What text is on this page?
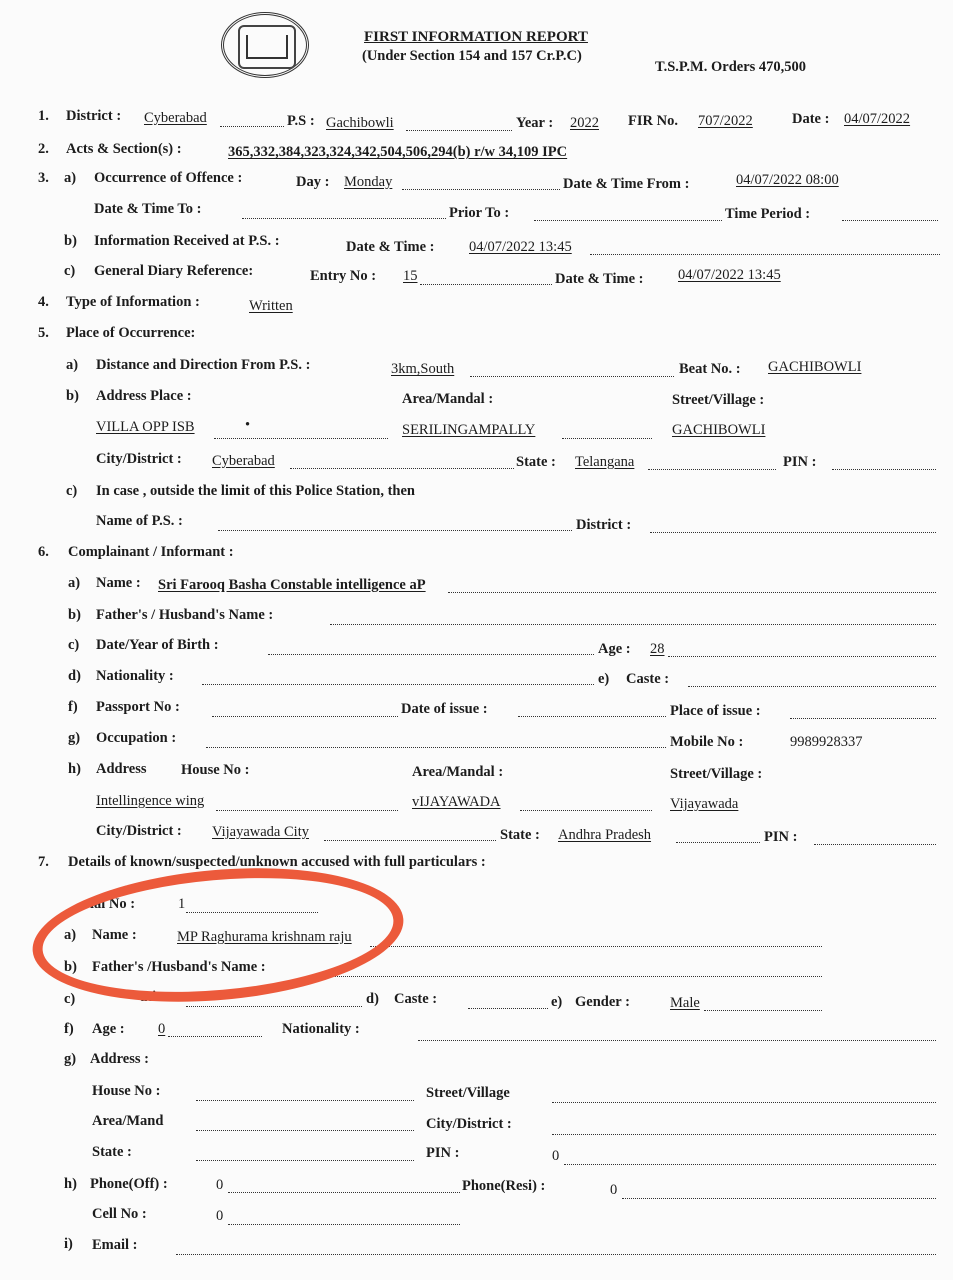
FIRST INFORMATION REPORT
(Under Section 154 and 157 Cr.P.C)
T.S.P.M. Orders 470,500
1. District : Cyberabad	P.S : Gachibowli	Year : 2022 FIR No. 707/2022	Date : 04/07/2022
2. Acts & Section(s) :	365,332,384,323,324,342,504,506,294(b) r/w 34,109 IPC
3. a) Occurrence of Offence :	Day : Monday	Date & Time From :	04/07/2022 08:00
Date & Time To :	Prior To :	Time Period :
b) Information Received at P.S. :	Date & Time : 04/07/2022 13:45
c) General Diary Reference:	Entry No : 15	Date & Time : 04/07/2022 13:45
4. Type of Information :	Written
5. Place of Occurrence:
a) Distance and Direction From P.S. :	3km,South	Beat No. : GACHIBOWLI
b) Address Place :	Area/Mandal :	Street/Village :
VILLA OPP ISB	•	SERILINGAMPALLY	GACHIBOWLI
City/District : Cyberabad	State : Telangana	PIN :
c) In case , outside the limit of this Police Station, then
Name of P.S. :	District :
6. Complainant / Informant :
a) Name : Sri Farooq Basha Constable intelligence aP
b) Father's / Husband's Name :
c) Date/Year of Birth :	Age : 28
d) Nationality :	e) Caste :
f) Passport No :	Date of issue :	Place of issue :
g) Occupation :	Mobile No :	9989928337
h) Address House No :	Area/Mandal :	Street/Village :
Intellingence wing	vIJAYAWADA	Vijayawada
City/District : Vijayawada City	State : Andhra Pradesh	PIN :
7. Details of known/suspected/unknown accused with full particulars :
ial No :	1
a) Name :	MP Raghurama krishnam raju
b) Father's /Husband's Name :
c)	ation :	d) Caste :	e) Gender :	Male
f) Age : 0	Nationality :
g) Address :
House No :	Street/Village
Area/Mand	City/District :
State :	PIN :	0
h) Phone(Off) :	0	Phone(Resi) :	0
Cell No :	0
i) Email :
